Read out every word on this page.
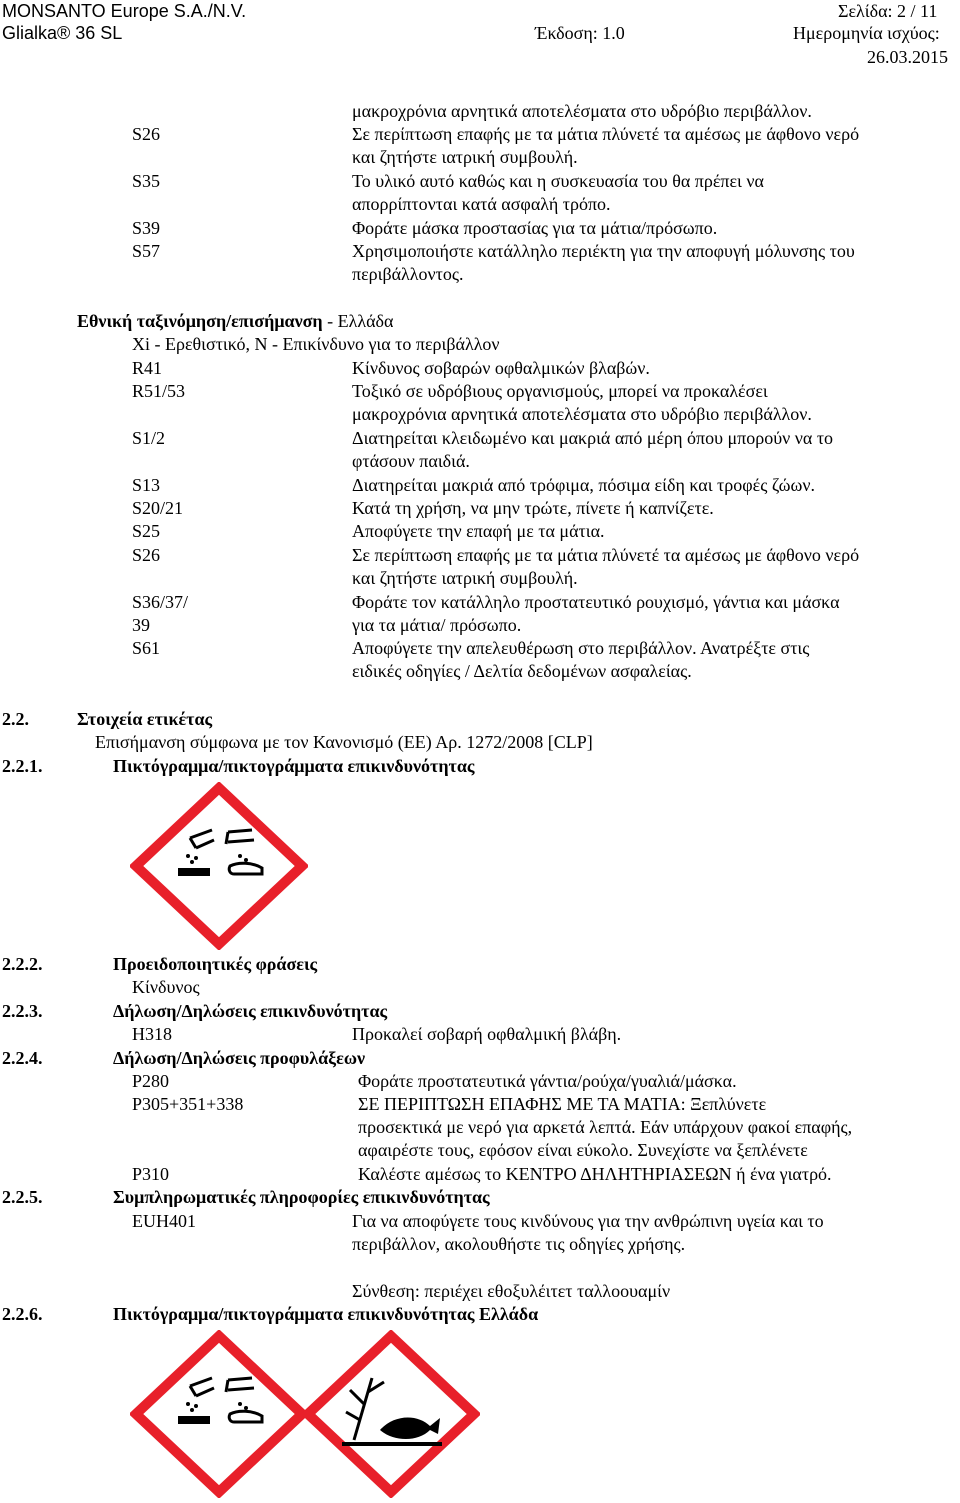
MONSANTO Europe S.A./N.V.	Σελίδα: 2 / 11
Glialka® 36 SL	Έκδοση: 1.0	Ημερομηνία ισχύος:
26.03.2015
μακροχρόνια αρνητικά αποτελέσματα στο υδρόβιο περιβάλλον.
S26	Σε περίπτωση επαφής με τα μάτια πλύνετέ τα αμέσως με άφθονο νερό
και ζητήστε ιατρική συμβουλή.
S35	Το υλικό αυτό καθώς και η συσκευασία του θα πρέπει να
απορρίπτονται κατά ασφαλή τρόπο.
S39	Φοράτε μάσκα προστασίας για τα μάτια/πρόσωπο.
S57	Χρησιμοποιήστε κατάλληλο περιέκτη για την αποφυγή μόλυνσης του
περιβάλλοντος.
Εθνική ταξινόμηση/επισήμανση - Ελλάδα
Xi - Ερεθιστικό, N - Επικίνδυνο για το περιβάλλον
R41	Κίνδυνος σοβαρών οφθαλμικών βλαβών.
R51/53	Τοξικό σε υδρόβιους οργανισμούς, μπορεί να προκαλέσει
μακροχρόνια αρνητικά αποτελέσματα στο υδρόβιο περιβάλλον.
S1/2	Διατηρείται κλειδωμένο και μακριά από μέρη όπου μπορούν να το
φτάσουν παιδιά.
S13	Διατηρείται μακριά από τρόφιμα, πόσιμα είδη και τροφές ζώων.
S20/21	Κατά τη χρήση, να μην τρώτε, πίνετε ή καπνίζετε.
S25	Αποφύγετε την επαφή με τα μάτια.
S26	Σε περίπτωση επαφής με τα μάτια πλύνετέ τα αμέσως με άφθονο νερό
και ζητήστε ιατρική συμβουλή.
S36/37/	Φοράτε τον κατάλληλο προστατευτικό ρουχισμό, γάντια και μάσκα
39	για τα μάτια/ πρόσωπο.
S61	Αποφύγετε την απελευθέρωση στο περιβάλλον. Ανατρέξτε στις
ειδικές οδηγίες / Δελτία δεδομένων ασφαλείας.
2.2.	Στοιχεία ετικέτας
Επισήμανση σύμφωνα με τον Κανονισμό (ΕΕ) Αρ. 1272/2008 [CLP]
2.2.1.	Πικτόγραμμα/πικτογράμματα επικινδυνότητας
2.2.2.	Προειδοποιητικές φράσεις
Κίνδυνος
2.2.3.	Δήλωση/Δηλώσεις επικινδυνότητας
H318	Προκαλεί σοβαρή οφθαλμική βλάβη.
2.2.4.	Δήλωση/Δηλώσεις προφυλάξεων
P280	Φοράτε προστατευτικά γάντια/ρούχα/γυαλιά/μάσκα.
P305+351+338	ΣΕ ΠΕΡΙΠΤΩΣΗ ΕΠΑΦΗΣ ΜΕ ΤΑ ΜΑΤΙΑ: Ξεπλύνετε
προσεκτικά με νερό για αρκετά λεπτά. Εάν υπάρχουν φακοί επαφής,
αφαιρέστε τους, εφόσον είναι εύκολο. Συνεχίστε να ξεπλένετε
P310	Καλέστε αμέσως το ΚΕΝΤΡΟ ΔΗΛΗΤΗΡΙΑΣΕΩΝ ή ένα γιατρό.
2.2.5.	Συμπληρωματικές πληροφορίες επικινδυνότητας
EUH401	Για να αποφύγετε τους κινδύνους για την ανθρώπινη υγεία και το
περιβάλλον, ακολουθήστε τις οδηγίες χρήσης.
Σύνθεση: περιέχει εθοξυλέιτετ ταλλοουαμίν
2.2.6.	Πικτόγραμμα/πικτογράμματα επικινδυνότητας Ελλάδα
